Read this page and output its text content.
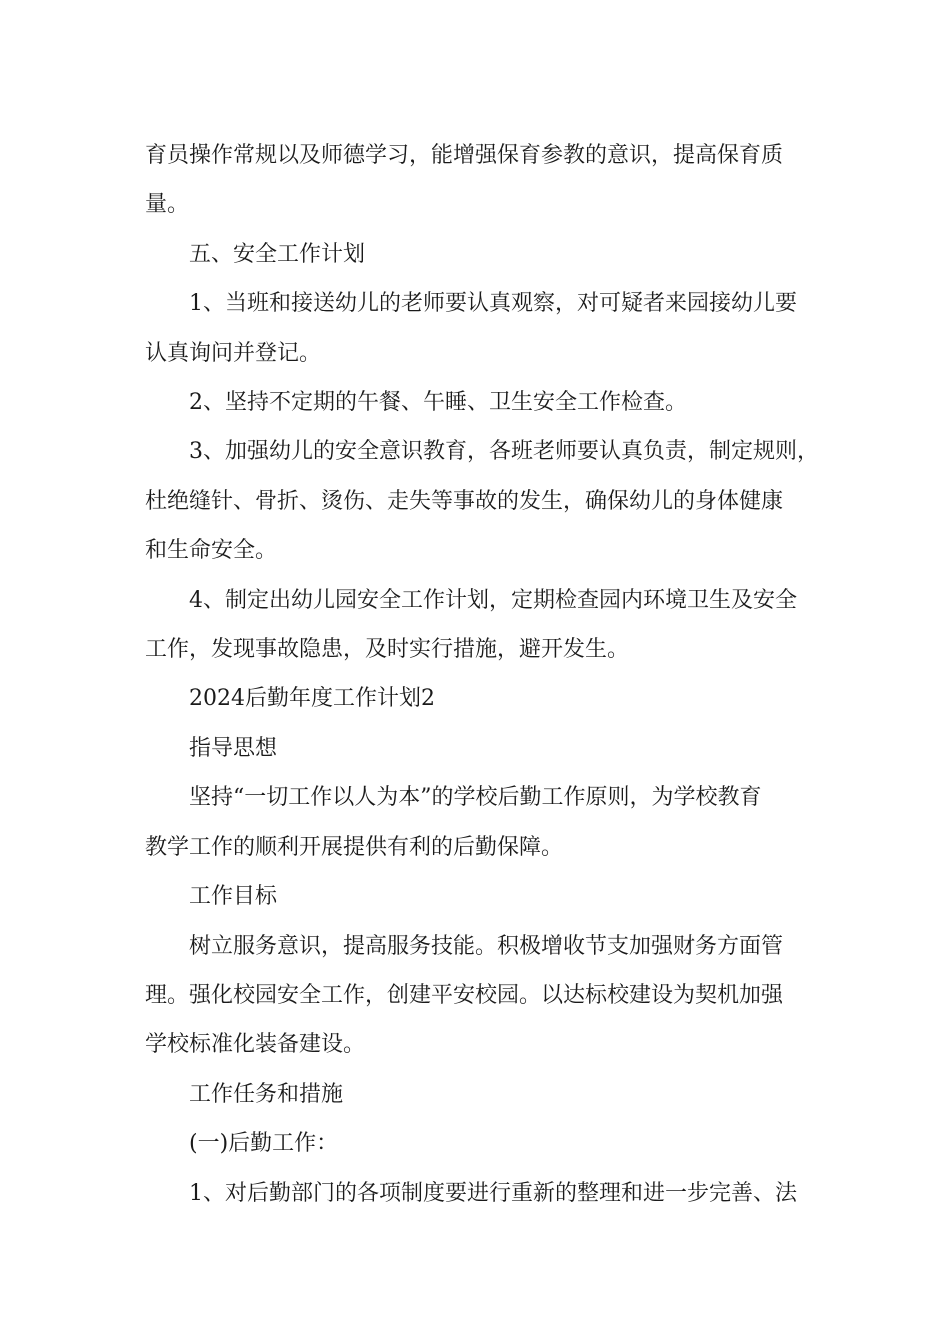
育员操作常规以及师德学习，能增强保育参教的意识，提高保育质

量。

五、安全工作计划

1、当班和接送幼儿的老师要认真观察，对可疑者来园接幼儿要

认真询问并登记。

2、坚持不定期的午餐、午睡、卫生安全工作检查。

3、加强幼儿的安全意识教育，各班老师要认真负责，制定规则，

杜绝缝针、骨折、烫伤、走失等事故的发生，确保幼儿的身体健康

和生命安全。

4、制定出幼儿园安全工作计划，定期检查园内环境卫生及安全

工作，发现事故隐患，及时实行措施，避开发生。

2024后勤年度工作计划2

指导思想

坚持“一切工作以人为本”的学校后勤工作原则，为学校教育

教学工作的顺利开展提供有利的后勤保障。

工作目标

树立服务意识，提高服务技能。积极增收节支加强财务方面管

理。强化校园安全工作，创建平安校园。以达标校建设为契机加强

学校标准化装备建设。

工作任务和措施

(一)后勤工作：

1、对后勤部门的各项制度要进行重新的整理和进一步完善、法
